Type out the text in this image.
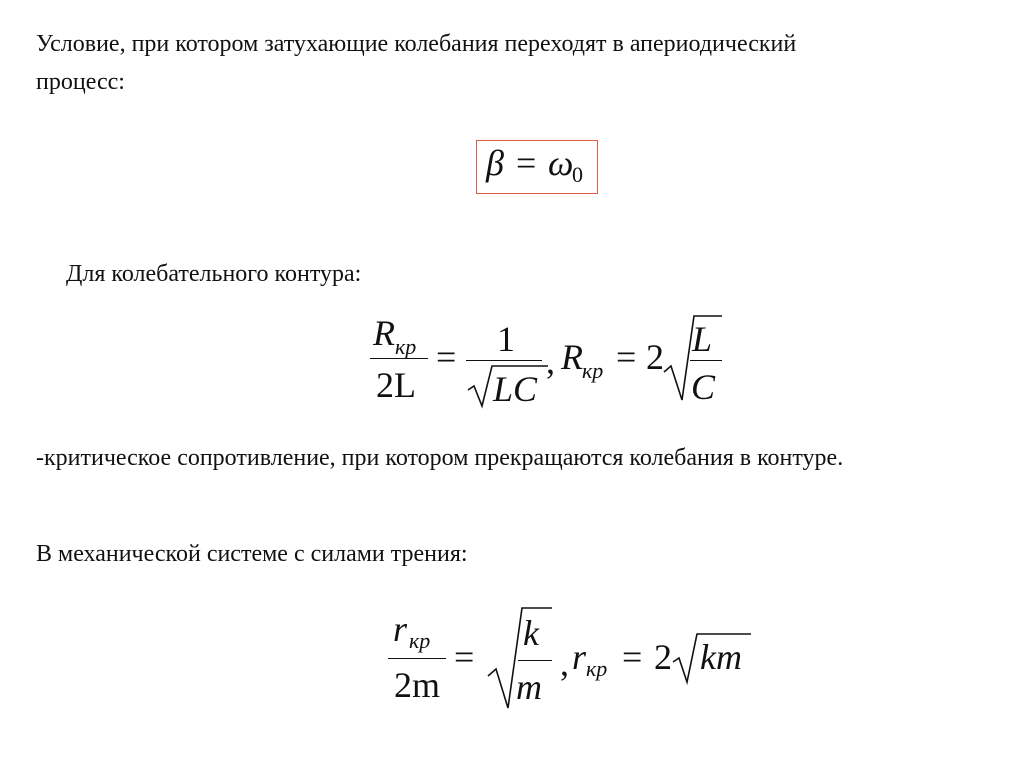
Условие, при котором затухающие колебания переходят в апериодический
процесс:
β = ω
0
Для колебательного контура:
R кр
2L
= 1
LC
, R кр = 2 L
C
-критическое сопротивление, при котором прекращаются колебания в контуре.
В механической системе с силами трения:
r кр
2m
=
k
m
, r кр = 2 km
